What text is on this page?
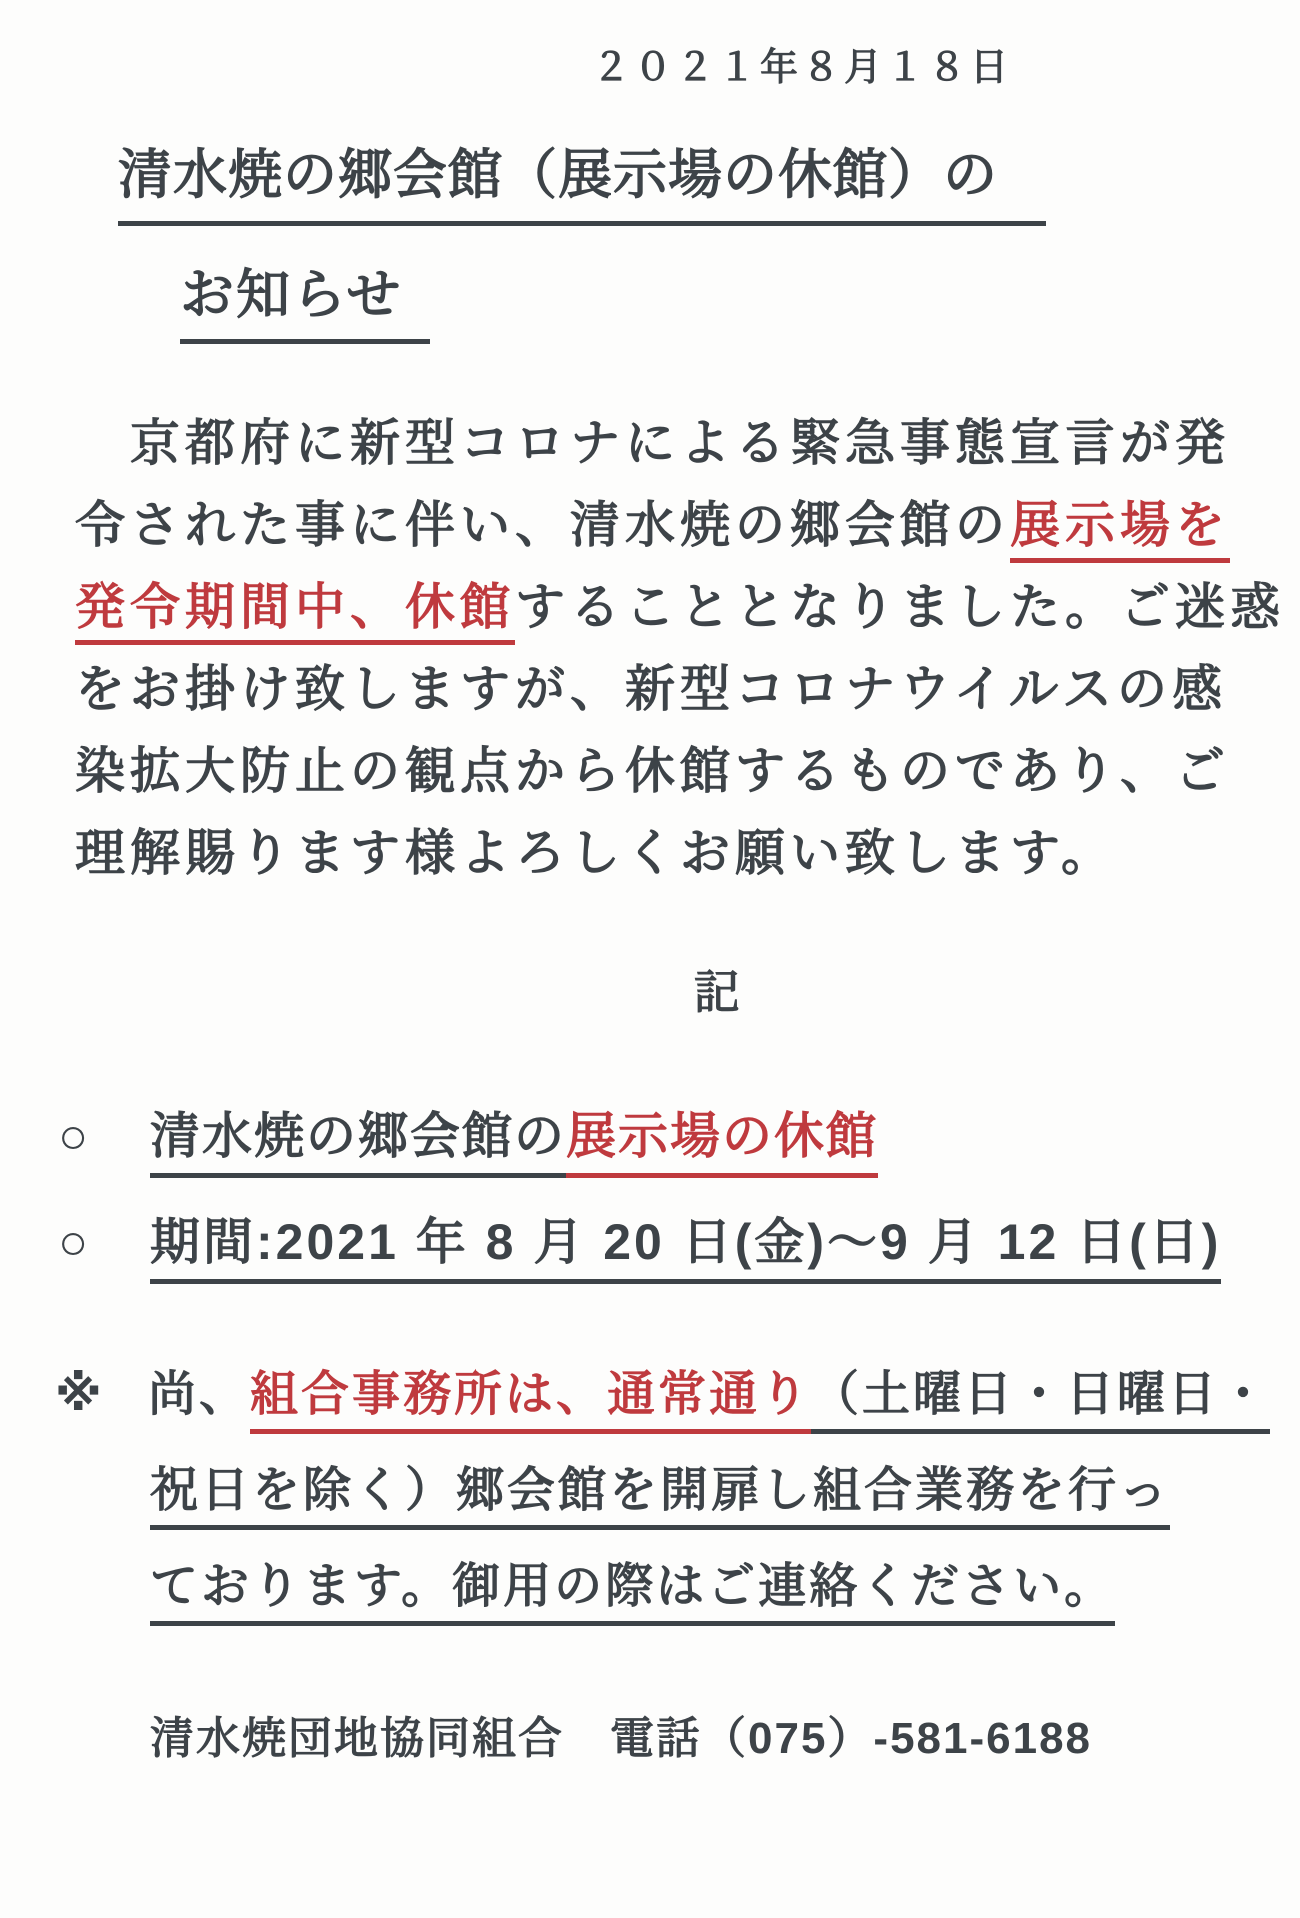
２０２１年８月１８日
清水焼の郷会館（展示場の休館）の
お知らせ
　京都府に新型コロナによる緊急事態宣言が発
令された事に伴い、清水焼の郷会館の展示場を
発令期間中、休館することとなりました。ご迷惑
をお掛け致しますが、新型コロナウイルスの感
染拡大防止の観点から休館するものであり、ご
理解賜ります様よろしくお願い致します。
記
○ 清水焼の郷会館の展示場の休館
○ 期間:2021 年 8 月 20 日(金)～9 月 12 日(日)
※ 尚、組合事務所は、通常通り（土曜日・日曜日・
祝日を除く）郷会館を開扉し組合業務を行っ
ております。御用の際はご連絡ください。
清水焼団地協同組合　電話（075）-581-6188
